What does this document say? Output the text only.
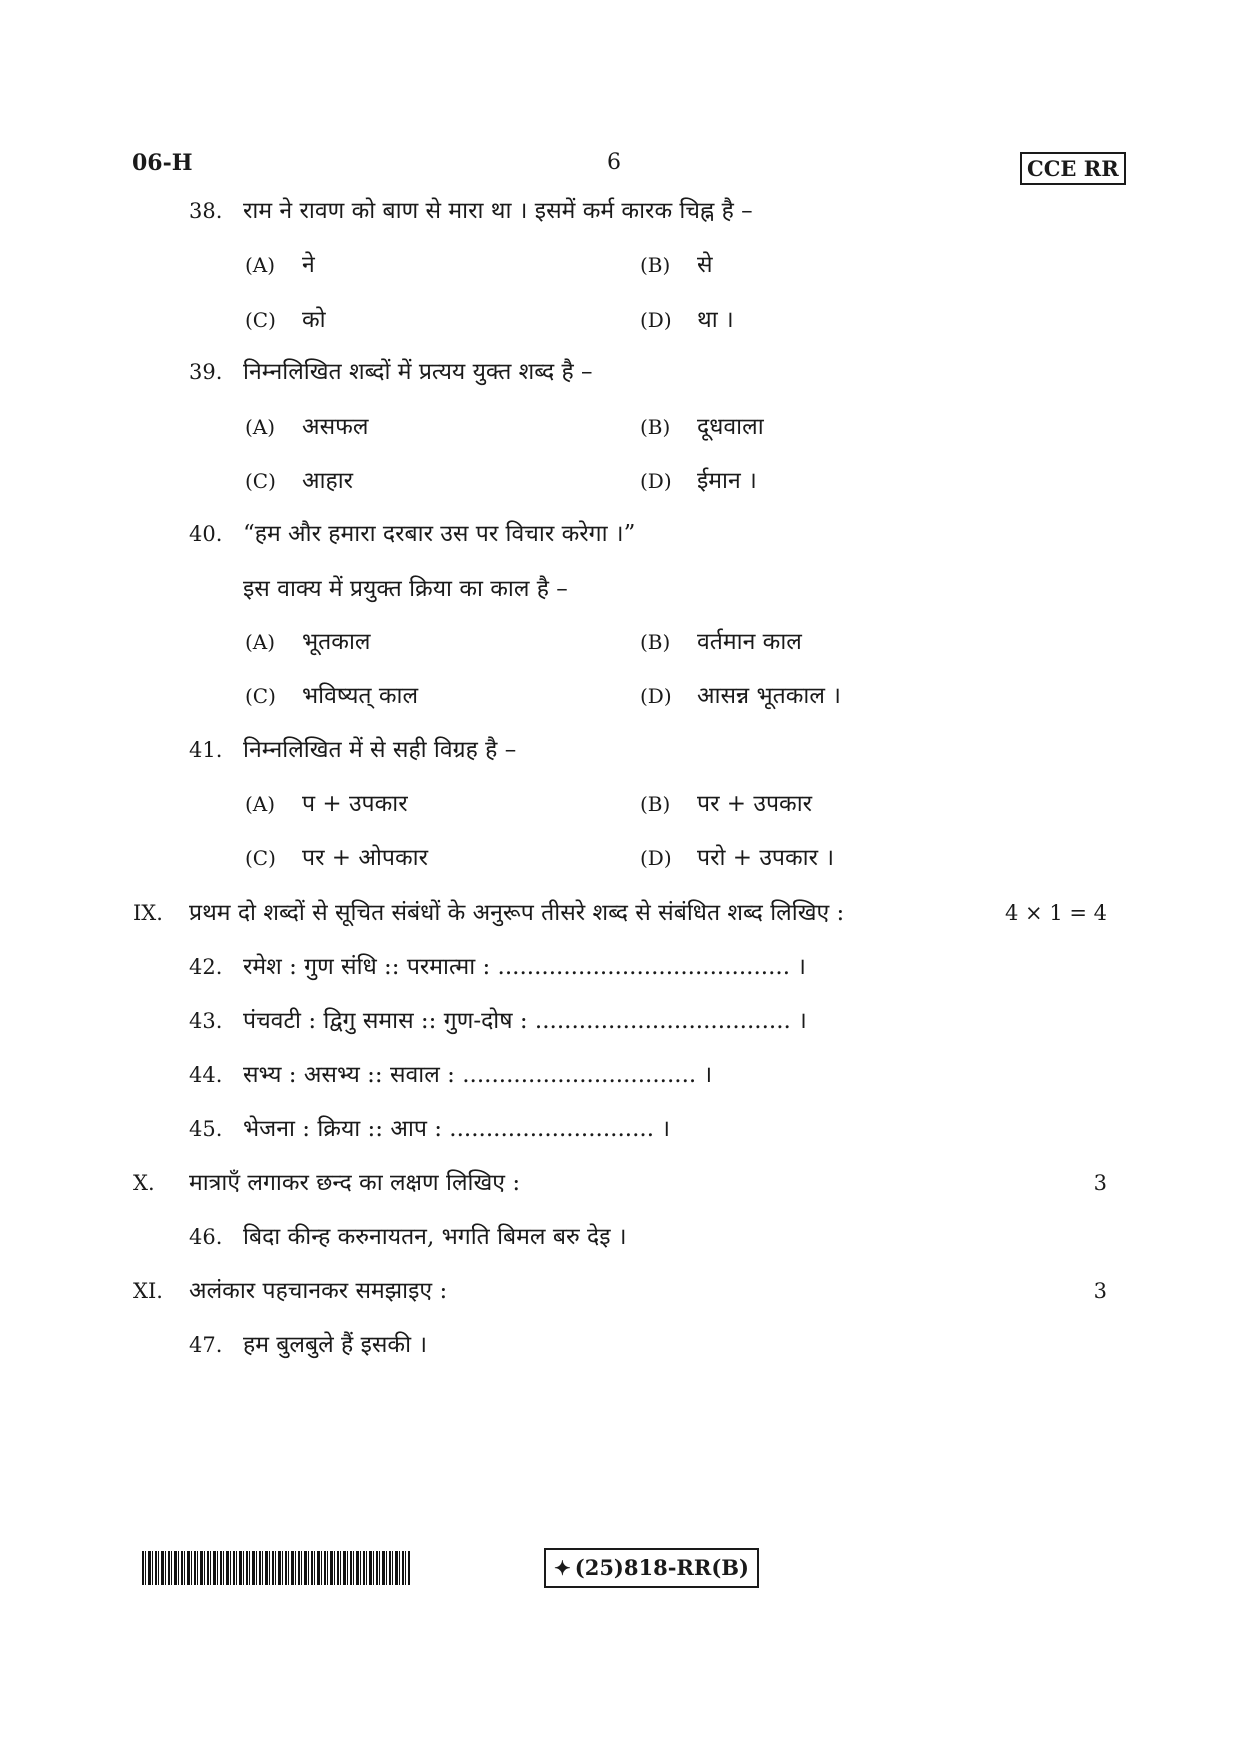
06-H	6	CCE RR
38. राम ने रावण को बाण से मारा था । इसमें कर्म कारक चिह्न है –
(A) ने	(B) से
(C) को	(D) था ।
39. निम्नलिखित शब्दों में प्रत्यय युक्त शब्द है –
(A) असफल	(B) दूधवाला
(C) आहार	(D) ईमान ।
40. “हम और हमारा दरबार उस पर विचार करेगा ।”
इस वाक्य में प्रयुक्त क्रिया का काल है –
(A) भूतकाल	(B) वर्तमान काल
(C) भविष्यत् काल	(D) आसन्न भूतकाल ।
41. निम्नलिखित में से सही विग्रह है –
(A) प + उपकार	(B) पर + उपकार
(C) पर + ओपकार	(D) परो + उपकार ।
IX. प्रथम दो शब्दों से सूचित संबंधों के अनुरूप तीसरे शब्द से संबंधित शब्द लिखिए :	4 × 1 = 4
42. रमेश : गुण संधि :: परमात्मा : ........................................ ।
43. पंचवटी : द्विगु समास :: गुण-दोष : ................................... ।
44. सभ्य : असभ्य :: सवाल : ................................ ।
45. भेजना : क्रिया :: आप : ............................ ।
X. मात्राएँ लगाकर छन्द का लक्षण लिखिए :	3
46. बिदा कीन्ह करुनायतन, भगति बिमल बरु देइ ।
XI. अलंकार पहचानकर समझाइए :	3
47. हम बुलबुले हैं इसकी ।
✦ (25)818-RR(B)
